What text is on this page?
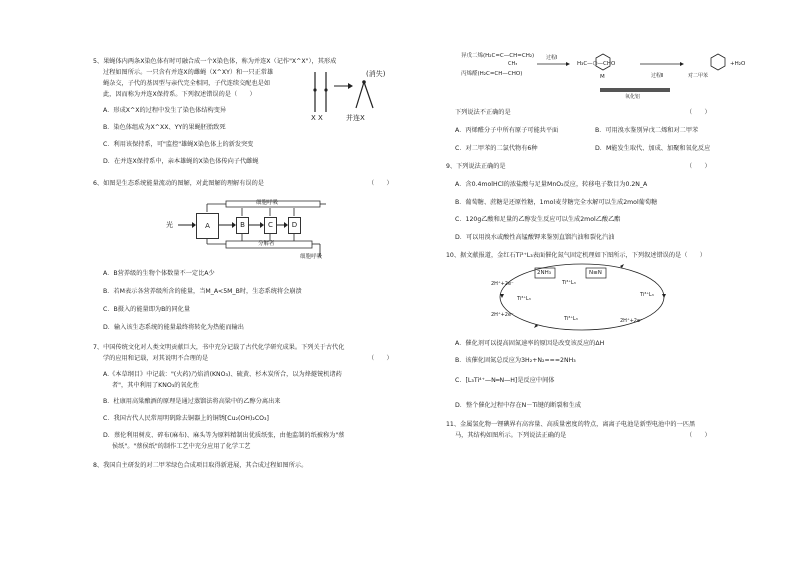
5、果蝇体内两条X染色体有时可融合成一个X染色体，称为并连X（记作"X^X"），其形成
过程如图所示。一只含有并连X的雌蝇（X^XY）和一只正常雄
蝇杂交，子代的基因型与亲代完全相同，子代连续交配也是如
此，因而称为并连X保持系。下列叙述错误的是（　　）
X X	并连X
(消失)
A．形成X^X的过程中发生了染色体结构变异
B．染色体组成为X^XX、YY的果蝇胚胎致死
C．利用该保持系，可"监控"雄蝇X染色体上的新发突变
D．在并连X保持系中，亲本雄蝇的X染色体传向子代雌蝇
6、如图是生态系统能量流动的图解，对此图解的理解有误的是	（　　）
光	A	B	C	D
细胞呼吸
分解者
细胞呼吸
A．B营养级的生物个体数量不一定比A少
B．若M表示各营养级所含的能量，当M_A<5M_B时，生态系统将会崩溃
C．B摄入的能量即为B的同化量
D．输入该生态系统的能量最终将转化为热能而输出
7、中国传统文化对人类文明贡献巨大，书中充分记载了古代化学研究成果。下列关于古代化
学的应用和记载，对其说明不合理的是	（　　）
A.《本草纲目》中记载："(火药)乃焰消(KNO₃)、硫黄、杉木炭所合，以为烽燧铳机诸药
者"，其中利用了KNO₃的氧化性
B．杜康用高粱酿酒的原理是通过蒸馏法将高粱中的乙醇分离出来
C．我国古代人民常用明矾除去铜器上的铜锈[Cu₂(OH)₂CO₃]
D．蔡伦利用树皮、碎布(麻布)、麻头等为原料精制出优质纸张，由他监制的纸被称为"蔡
侯纸"。"蔡侯纸"的制作工艺中充分应用了化学工艺
8、我国自主研发的对二甲苯绿色合成项目取得新进展，其合成过程如图所示。
异戊二烯(H₂C=C—CH=CH₂)
CH₃
丙烯醛(H₂C=CH—CHO)
过程Ⅰ
H₃C—⬡—CHO
M	过程Ⅱ	对二甲苯
+H₂O
氧化铝
下列说法不正确的是	（　　）
A．丙烯醛分子中所有原子可能共平面	B．可用溴水鉴别异戊二烯和对二甲苯
C．对二甲苯的二氯代物有6种	D．M能发生取代、加成、加聚和氧化反应
9、下列说法正确的是	（　　）
A．含0.4molHCl的浓盐酸与足量MnO₂反应，转移电子数目为0.2N_A
B．葡萄糖、蔗糖是还原性糖，1mol麦芽糖完全水解可以生成2mol葡萄糖
C．120g乙酸和足量的乙醇发生反应可以生成2mol乙酸乙酯
D．可以用溴水或酸性高锰酸钾来鉴别直馏汽油和裂化汽油
10、据文献报道，金红石Ti³⁺L₃表面催化氮气固定机理如下图所示，下列叙述错误的是（　　）
2NH₃	N≡N
Ti³⁺L₃
Ti³⁺L₃
Ti³⁺L₃
Ti³⁺L₃
2H⁺+2e⁻
2H⁺+2e⁻
2H⁺+2e⁻
A．催化剂可以提高固氮速率的原因是改变该反应的ΔH
B．该催化固氮总反应为3H₂+N₂===2NH₃
C．[L₃Ti⁴⁺—N═N—H]是反应中间体
D．整个催化过程中存在N－Ti键的断裂和生成
11、金属氢化物一锂碘界有高容量、高质量密度的特点，离离子电池是新型电池中的一匹黑
马，其结构如图所示。下列说法正确的是	（　　）
